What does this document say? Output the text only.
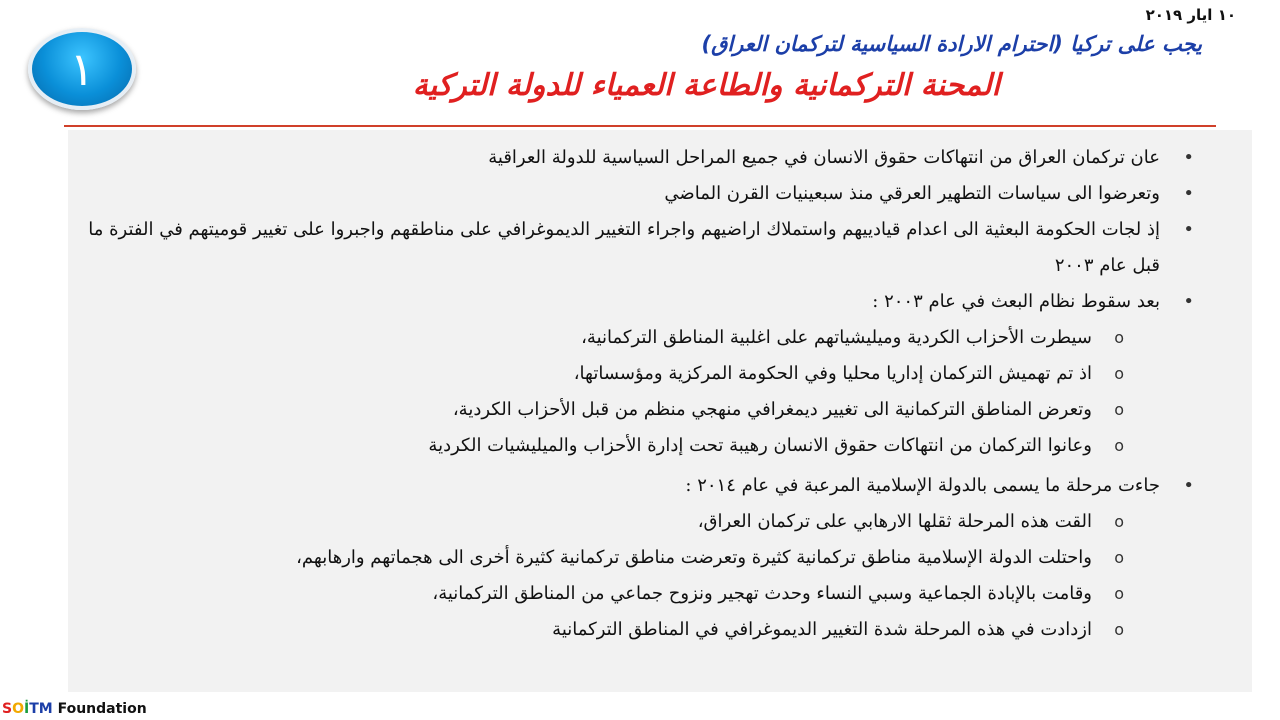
١٠ ايار ٢٠١٩
١	يجب على تركيا (احترام الارادة السياسية لتركمان العراق)
المحنة التركمانية والطاعة العمياء للدولة التركية
• عان تركمان العراق من انتهاكات حقوق الانسان في جميع المراحل السياسية للدولة العراقية
• وتعرضوا الى سياسات التطهير العرقي منذ سبعينيات القرن الماضي
• إذ لجات الحكومة البعثية الى اعدام قيادييهم واستملاك اراضيهم واجراء التغيير الديموغرافي على مناطقهم واجبروا على تغيير قوميتهم في الفترة ما قبل عام ٢٠٠٣
• بعد سقوط نظام البعث في عام ٢٠٠٣ :
o سيطرت الأحزاب الكردية وميليشياتهم على اغلبية المناطق التركمانية،
o اذ تم تهميش التركمان إداريا محليا وفي الحكومة المركزية ومؤسساتها،
o وتعرض المناطق التركمانية الى تغيير ديمغرافي منهجي منظم من قبل الأحزاب الكردية،
o وعانوا التركمان من انتهاكات حقوق الانسان رهيبة تحت إدارة الأحزاب والميليشيات الكردية
• جاءت مرحلة ما يسمى بالدولة الإسلامية المرعبة في عام ٢٠١٤ :
o القت هذه المرحلة ثقلها الارهابي على تركمان العراق،
o واحتلت الدولة الإسلامية مناطق تركمانية كثيرة وتعرضت مناطق تركمانية كثيرة أخرى الى هجماتهم وارهابهم،
o وقامت بالإبادة الجماعية وسبي النساء وحدث تهجير ونزوح جماعي من المناطق التركمانية،
o ازدادت في هذه المرحلة شدة التغيير الديموغرافي في المناطق التركمانية
SOİTM Foundation
